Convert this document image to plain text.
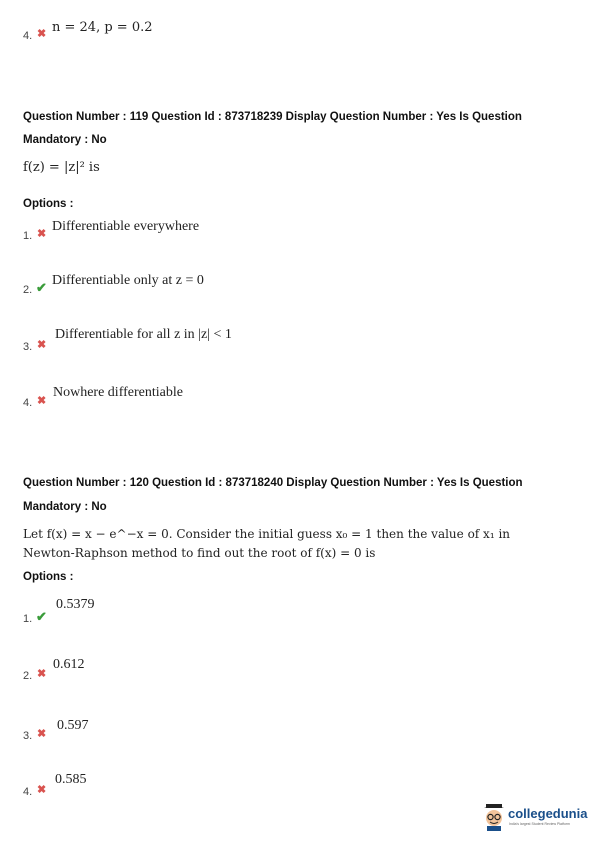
4. ✖ n = 24, p = 0.2
Question Number : 119 Question Id : 873718239 Display Question Number : Yes Is Question
Mandatory : No
f(z) = |z|² is
Options :
1. ✖ Differentiable everywhere
2. ✔ Differentiable only at z = 0
3. ✖
Differentiable for all z in |z| < 1
4. ✖
Nowhere differentiable
Question Number : 120 Question Id : 873718240 Display Question Number : Yes Is Question
Mandatory : No
Let f(x) = x − e^−x = 0. Consider the initial guess x₀ = 1 then the value of x₁ in
Newton-Raphson method to find out the root of f(x) = 0 is
Options :
1. ✔
0.5379
2. ✖
0.612
3. ✖
0.597
4. ✖
0.585
collegedunia
India's largest Student Review Platform
